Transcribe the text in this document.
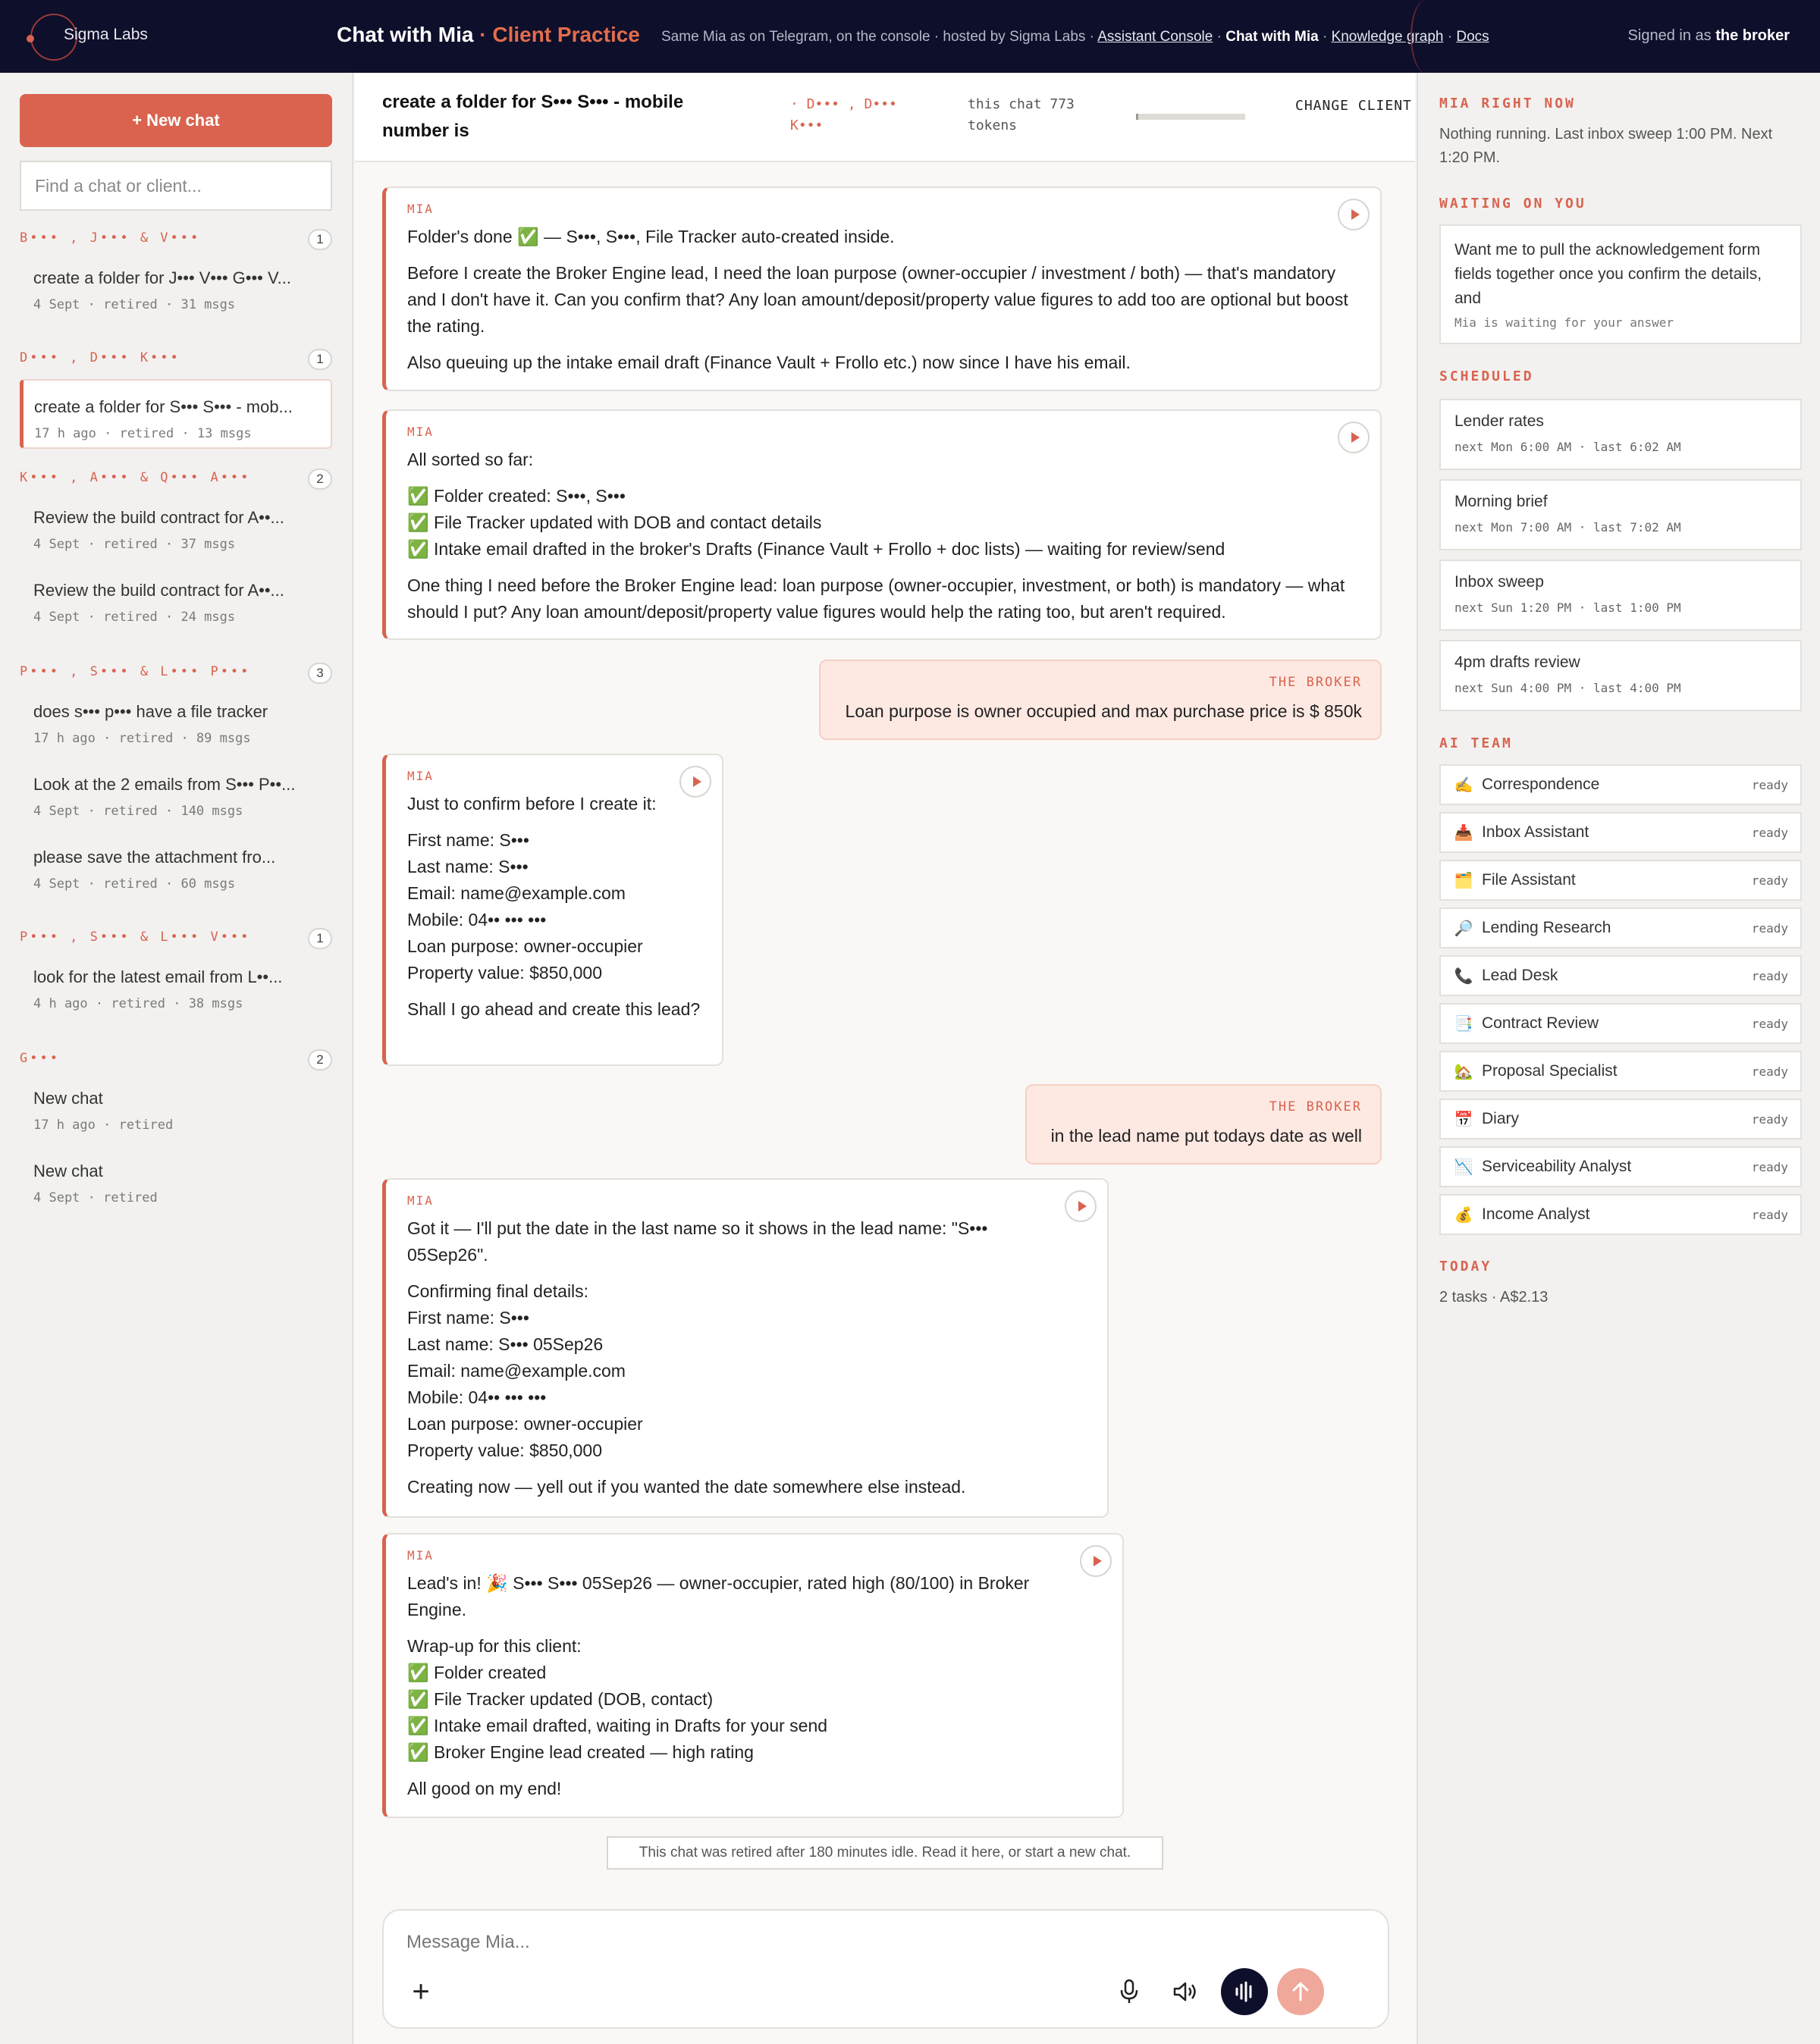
Sigma Labs	Chat with Mia · Client Practice Same Mia as on Telegram, on the console · hosted by Sigma Labs · Assistant Console · Chat with Mia · Knowledge graph · Docs	Signed in as the broker
+ New chat
Find a chat or client...
B••• , J••• & V•••	1
create a folder for J••• V••• G••• V...
4 Sept · retired · 31 msgs
D••• , D••• K•••	1
create a folder for S••• S••• - mob...
17 h ago · retired · 13 msgs
K••• , A••• & Q••• A•••	2
Review the build contract for A••...
4 Sept · retired · 37 msgs
Review the build contract for A••...
4 Sept · retired · 24 msgs
P••• , S••• & L••• P•••	3
does s••• p••• have a file tracker
17 h ago · retired · 89 msgs
Look at the 2 emails from S••• P••...
4 Sept · retired · 140 msgs
please save the attachment fro...
4 Sept · retired · 60 msgs
P••• , S••• & L••• V•••	1
look for the latest email from L••...
4 h ago · retired · 38 msgs
G•••	2
New chat
17 h ago · retired
New chat
4 Sept · retired
create a folder for S••• S••• - mobile number is
· D••• , D••• K•••
this chat 773 tokens
CHANGE CLIENT
MIA

Folder's done ✅ — S•••, S•••, File Tracker auto-created inside.

Before I create the Broker Engine lead, I need the loan purpose (owner-occupier / investment / both) — that's mandatory and I don't have it. Can you confirm that? Any loan amount/deposit/property value figures to add too are optional but boost the rating.

Also queuing up the intake email draft (Finance Vault + Frollo etc.) now since I have his email.

MIA

All sorted so far:

✅ Folder created: S•••, S•••
✅ File Tracker updated with DOB and contact details
✅ Intake email drafted in the broker's Drafts (Finance Vault + Frollo + doc lists) — waiting for review/send

One thing I need before the Broker Engine lead: loan purpose (owner-occupier, investment, or both) is mandatory — what should I put? Any loan amount/deposit/property value figures would help the rating too, but aren't required.

THE BROKER

Loan purpose is owner occupied and max purchase price is $ 850k

MIA

Just to confirm before I create it:

First name: S•••
Last name: S•••
Email: name@example.com
Mobile: 04•• ••• •••
Loan purpose: owner-occupier
Property value: $850,000

Shall I go ahead and create this lead?

THE BROKER

in the lead name put todays date as well

MIA

Got it — I'll put the date in the last name so it shows in the lead name: "S••• 05Sep26".

Confirming final details:
First name: S•••
Last name: S••• 05Sep26
Email: name@example.com
Mobile: 04•• ••• •••
Loan purpose: owner-occupier
Property value: $850,000

Creating now — yell out if you wanted the date somewhere else instead.

MIA

Lead's in! 🎉 S••• S••• 05Sep26 — owner-occupier, rated high (80/100) in Broker Engine.

Wrap-up for this client:
✅ Folder created
✅ File Tracker updated (DOB, contact)
✅ Intake email drafted, waiting in Drafts for your send
✅ Broker Engine lead created — high rating

All good on my end!

This chat was retired after 180 minutes idle. Read it here, or start a new chat.
Message Mia...
+
MIA RIGHT NOW
Nothing running. Last inbox sweep 1:00 PM. Next 1:20 PM.
WAITING ON YOU
Want me to pull the acknowledgement form fields together once you confirm the details, and
Mia is waiting for your answer
SCHEDULED
Lender rates
next Mon 6:00 AM · last 6:02 AM
Morning brief
next Mon 7:00 AM · last 7:02 AM
Inbox sweep
next Sun 1:20 PM · last 1:00 PM
4pm drafts review
next Sun 4:00 PM · last 4:00 PM
AI TEAM
✍️ Correspondence	ready
📥 Inbox Assistant	ready
🗂️ File Assistant	ready
🔎 Lending Research	ready
📞 Lead Desk	ready
📑 Contract Review	ready
🏡 Proposal Specialist	ready
📅 Diary	ready
📉 Serviceability Analyst	ready
💰 Income Analyst	ready
TODAY
2 tasks · A$2.13
